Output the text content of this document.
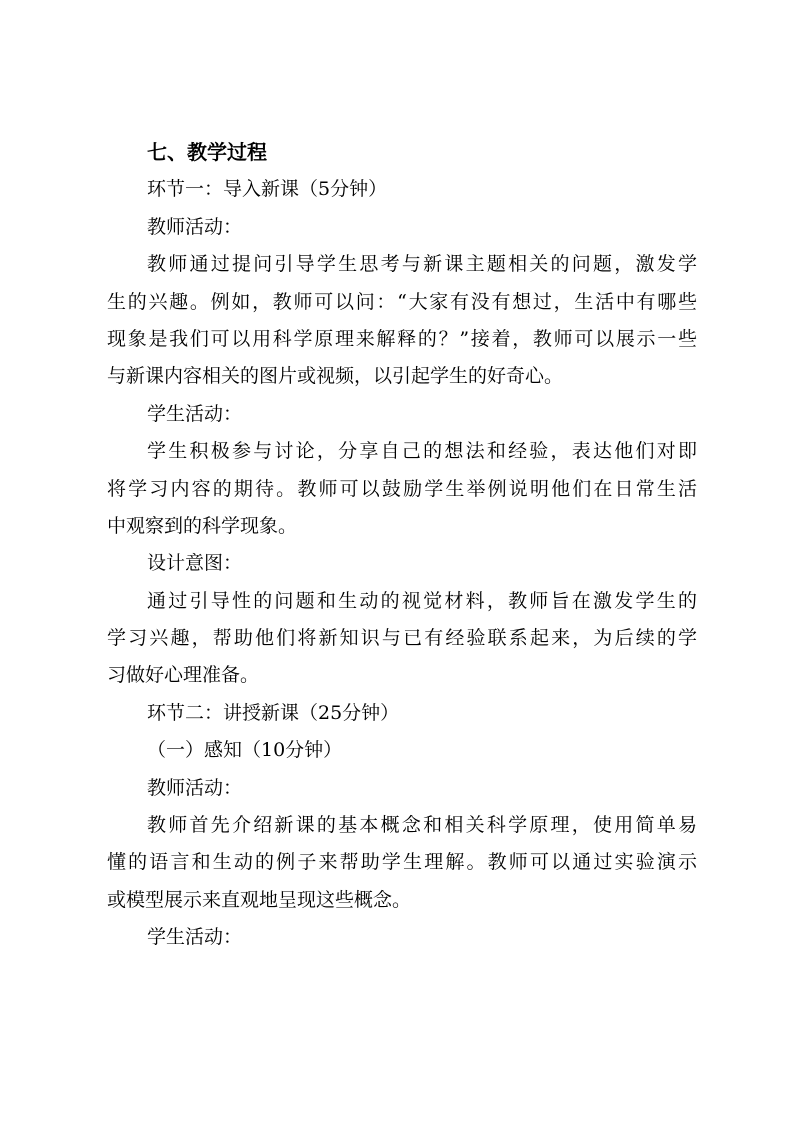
七、教学过程
环节一：导入新课（5分钟）
教师活动：
教师通过提问引导学生思考与新课主题相关的问题，激发学
生的兴趣。例如，教师可以问：“大家有没有想过，生活中有哪些
现象是我们可以用科学原理来解释的？”接着，教师可以展示一些
与新课内容相关的图片或视频，以引起学生的好奇心。
学生活动：
学生积极参与讨论，分享自己的想法和经验，表达他们对即
将学习内容的期待。教师可以鼓励学生举例说明他们在日常生活
中观察到的科学现象。
设计意图：
通过引导性的问题和生动的视觉材料，教师旨在激发学生的
学习兴趣，帮助他们将新知识与已有经验联系起来，为后续的学
习做好心理准备。
环节二：讲授新课（25分钟）
（一）感知（10分钟）
教师活动：
教师首先介绍新课的基本概念和相关科学原理，使用简单易
懂的语言和生动的例子来帮助学生理解。教师可以通过实验演示
或模型展示来直观地呈现这些概念。
学生活动：
